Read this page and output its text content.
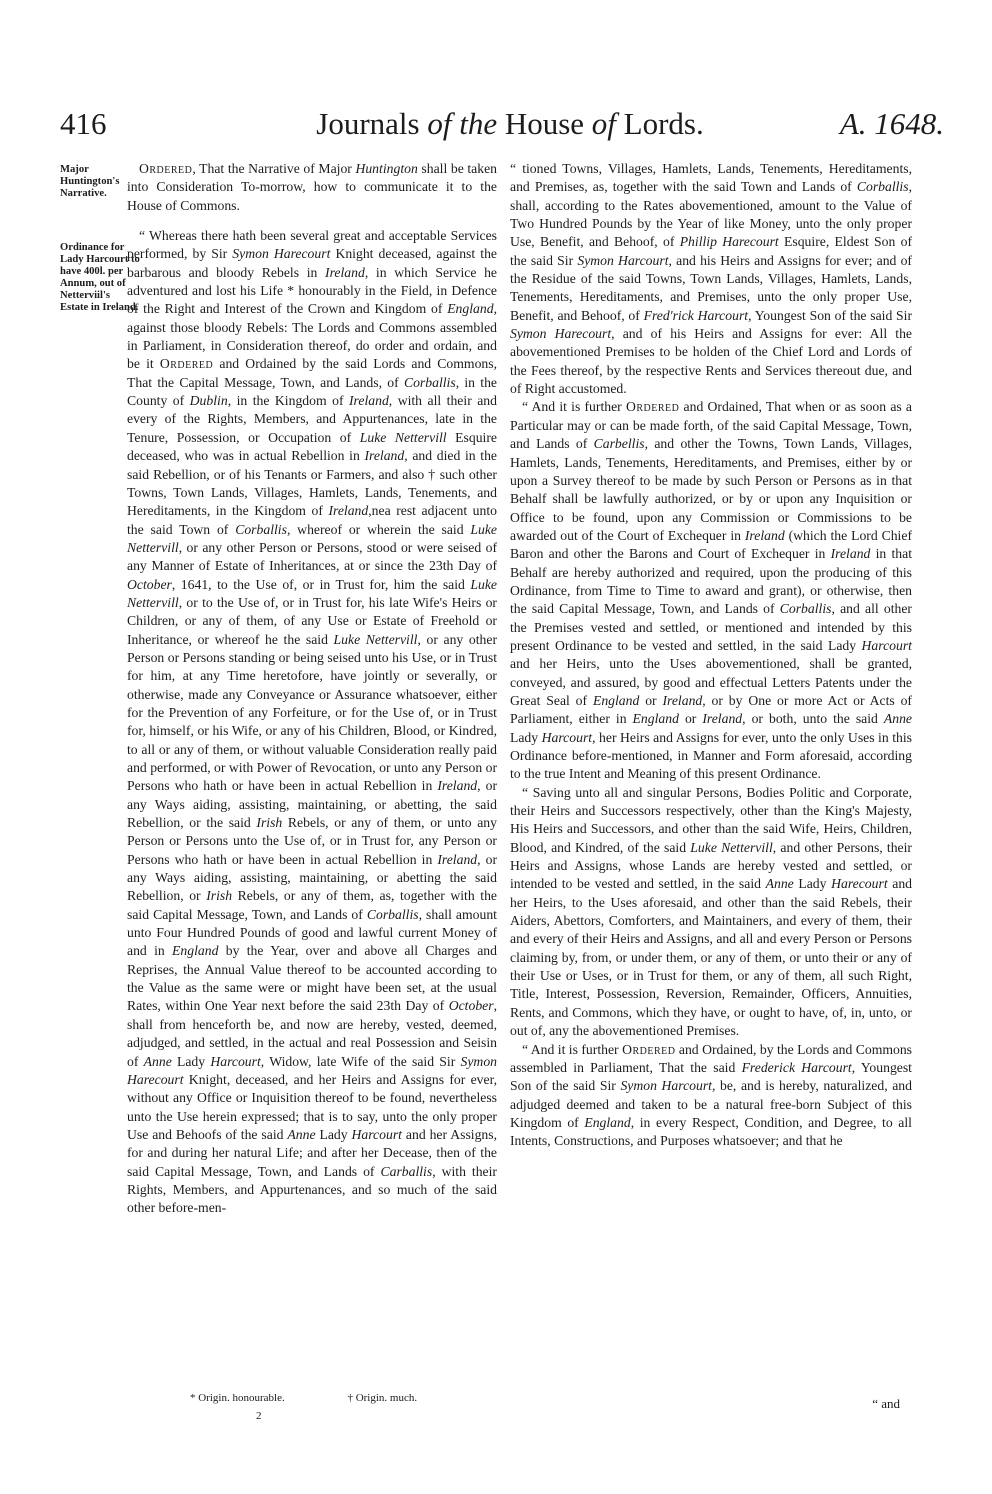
416	Journals of the House of Lords.	A. 1648.
Major Huntington's Narrative.
Ordinance for Lady Harcourt to have 400l. per Annum, out of Netterviil's Estate in Ireland.

Ordered, That the Narrative of Major Huntington shall be taken into Consideration To-morrow, how to communicate it to the House of Commons.

“ Whereas there hath been several great and acceptable Services performed, by Sir Symon Harecourt Knight deceased, against the barbarous and bloody Rebels in Ireland, in which Service he adventured and lost his Life * honourably in the Field, in Defence of the Right and Interest of the Crown and Kingdom of England, against those bloody Rebels: The Lords and Commons assembled in Parliament, in Consideration thereof, do order and ordain, and be it Ordered and Ordained by the said Lords and Commons, That the Capital Message, Town, and Lands, of Corballis, in the County of Dublin, in the Kingdom of Ireland, with all their and every of the Rights, Members, and Appurtenances, late in the Tenure, Possession, or Occupation of Luke Nettervill Esquire deceased, who was in actual Rebellion in Ireland, and died in the said Rebellion, or of his Tenants or Farmers, and also † such other Towns, Town Lands, Villages, Hamlets, Lands, Tenements, and Hereditaments, in the Kingdom of Ireland,nea rest adjacent unto the said Town of Corballis, whereof or wherein the said Luke Nettervill, or any other Person or Persons, stood or were seised of any Manner of Estate of Inheritances, at or since the 23th Day of October, 1641, to the Use of, or in Trust for, him the said Luke Nettervill, or to the Use of, or in Trust for, his late Wife's Heirs or Children, or any of them, of any Use or Estate of Freehold or Inheritance, or whereof he the said Luke Nettervill, or any other Person or Persons standing or being seised unto his Use, or in Trust for him, at any Time heretofore, have jointly or severally, or otherwise, made any Conveyance or Assurance whatsoever, either for the Prevention of any Forfeiture, or for the Use of, or in Trust for, himself, or his Wife, or any of his Children, Blood, or Kindred, to all or any of them, or without valuable Consideration really paid and performed, or with Power of Revocation, or unto any Person or Persons who hath or have been in actual Rebellion in Ireland, or any Ways aiding, assisting, maintaining, or abetting, the said Rebellion, or the said Irish Rebels, or any of them, or unto any Person or Persons unto the Use of, or in Trust for, any Person or Persons who hath or have been in actual Rebellion in Ireland, or any Ways aiding, assisting, maintaining, or abetting the said Rebellion, or Irish Rebels, or any of them, as, together with the said Capital Message, Town, and Lands of Corballis, shall amount unto Four Hundred Pounds of good and lawful current Money of and in England by the Year, over and above all Charges and Reprises, the Annual Value thereof to be accounted according to the Value as the same were or might have been set, at the usual Rates, within One Year next before the said 23th Day of October, shall from henceforth be, and now are hereby, vested, deemed, adjudged, and settled, in the actual and real Possession and Seisin of Anne Lady Harcourt, Widow, late Wife of the said Sir Symon Harecourt Knight, deceased, and her Heirs and Assigns for ever, without any Office or Inquisition thereof to be found, nevertheless unto the Use herein expressed; that is to say, unto the only proper Use and Behoofs of the said Anne Lady Harcourt and her Assigns, for and during her natural Life; and after her Decease, then of the said Capital Message, Town, and Lands of Carballis, with their Rights, Members, and Appurtenances, and so much of the said other before-men-

“ tioned Towns, Villages, Hamlets, Lands, Tenements, Hereditaments, and Premises, as, together with the said Town and Lands of Corballis, shall, according to the Rates abovementioned, amount to the Value of Two Hundred Pounds by the Year of like Money, unto the only proper Use, Benefit, and Behoof, of Phillip Harecourt Esquire, Eldest Son of the said Sir Symon Harcourt, and his Heirs and Assigns for ever; and of the Residue of the said Towns, Town Lands, Villages, Hamlets, Lands, Tenements, Hereditaments, and Premises, unto the only proper Use, Benefit, and Behoof, of Fred'rick Harcourt, Youngest Son of the said Sir Symon Harecourt, and of his Heirs and Assigns for ever: All the abovementioned Premises to be holden of the Chief Lord and Lords of the Fees thereof, by the respective Rents and Services thereout due, and of Right accustomed.

“ And it is further Ordered and Ordained, That when or as soon as a Particular may or can be made forth, of the said Capital Message, Town, and Lands of Carbellis, and other the Towns, Town Lands, Villages, Hamlets, Lands, Tenements, Hereditaments, and Premises, either by or upon a Survey thereof to be made by such Person or Persons as in that Behalf shall be lawfully authorized, or by or upon any Inquisition or Office to be found, upon any Commission or Commissions to be awarded out of the Court of Exchequer in Ireland (which the Lord Chief Baron and other the Barons and Court of Exchequer in Ireland in that Behalf are hereby authorized and required, upon the producing of this Ordinance, from Time to Time to award and grant), or otherwise, then the said Capital Message, Town, and Lands of Corballis, and all other the Premises vested and settled, or mentioned and intended by this present Ordinance to be vested and settled, in the said Lady Harcourt and her Heirs, unto the Uses abovementioned, shall be granted, conveyed, and assured, by good and effectual Letters Patents under the Great Seal of England or Ireland, or by One or more Act or Acts of Parliament, either in England or Ireland, or both, unto the said Anne Lady Harcourt, her Heirs and Assigns for ever, unto the only Uses in this Ordinance before-mentioned, in Manner and Form aforesaid, according to the true Intent and Meaning of this present Ordinance.

“ Saving unto all and singular Persons, Bodies Politic and Corporate, their Heirs and Successors respectively, other than the King's Majesty, His Heirs and Successors, and other than the said Wife, Heirs, Children, Blood, and Kindred, of the said Luke Nettervill, and other Persons, their Heirs and Assigns, whose Lands are hereby vested and settled, or intended to be vested and settled, in the said Anne Lady Harecourt and her Heirs, to the Uses aforesaid, and other than the said Rebels, their Aiders, Abettors, Comforters, and Maintainers, and every of them, their and every of their Heirs and Assigns, and all and every Person or Persons claiming by, from, or under them, or any of them, or unto their or any of their Use or Uses, or in Trust for them, or any of them, all such Right, Title, Interest, Possession, Reversion, Remainder, Officers, Annuities, Rents, and Commons, which they have, or ought to have, of, in, unto, or out of, any the abovementioned Premises.

“ And it is further Ordered and Ordained, by the Lords and Commons assembled in Parliament, That the said Frederick Harcourt, Youngest Son of the said Sir Symon Harcourt, be, and is hereby, naturalized, and adjudged deemed and taken to be a natural free-born Subject of this Kingdom of England, in every Respect, Condition, and Degree, to all Intents, Constructions, and Purposes whatsoever; and that he

* Origin. honourable.	† Origin. much.
2
“ and
